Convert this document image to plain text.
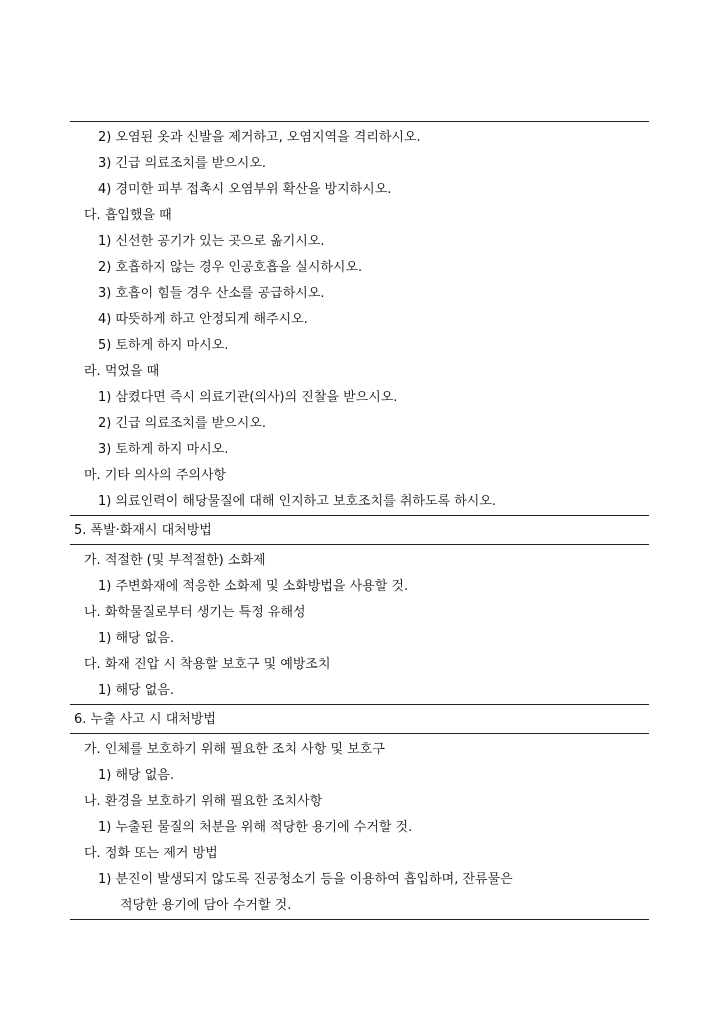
2) 오염된 옷과 신발을 제거하고, 오염지역을 격리하시오.
3) 긴급 의료조치를 받으시오.
4) 경미한 피부 접촉시 오염부위 확산을 방지하시오.
다. 흡입했을 때
1) 신선한 공기가 있는 곳으로 옮기시오.
2) 호흡하지 않는 경우 인공호흡을 실시하시오.
3) 호흡이 힘들 경우 산소를 공급하시오.
4) 따뜻하게 하고 안정되게 해주시오.
5) 토하게 하지 마시오.
라. 먹었을 때
1) 삼켰다면 즉시 의료기관(의사)의 진찰을 받으시오.
2) 긴급 의료조치를 받으시오.
3) 토하게 하지 마시오.
마. 기타 의사의 주의사항
1) 의료인력이 해당물질에 대해 인지하고 보호조치를 취하도록 하시오.
5. 폭발·화재시 대처방법
가. 적절한 (및 부적절한) 소화제
1) 주변화재에 적응한 소화제 및 소화방법을 사용할 것.
나. 화학물질로부터 생기는 특정 유해성
1) 해당 없음.
다. 화재 진압 시 착용할 보호구 및 예방조치
1) 해당 없음.
6. 누출 사고 시 대처방법
가. 인체를 보호하기 위해 필요한 조치 사항 및 보호구
1) 해당 없음.
나. 환경을 보호하기 위해 필요한 조치사항
1) 누출된 물질의 처분을 위해 적당한 용기에 수거할 것.
다. 정화 또는 제거 방법
1) 분진이 발생되지 않도록 진공청소기 등을 이용하여 흡입하며, 잔류물은
적당한 용기에 담아 수거할 것.
